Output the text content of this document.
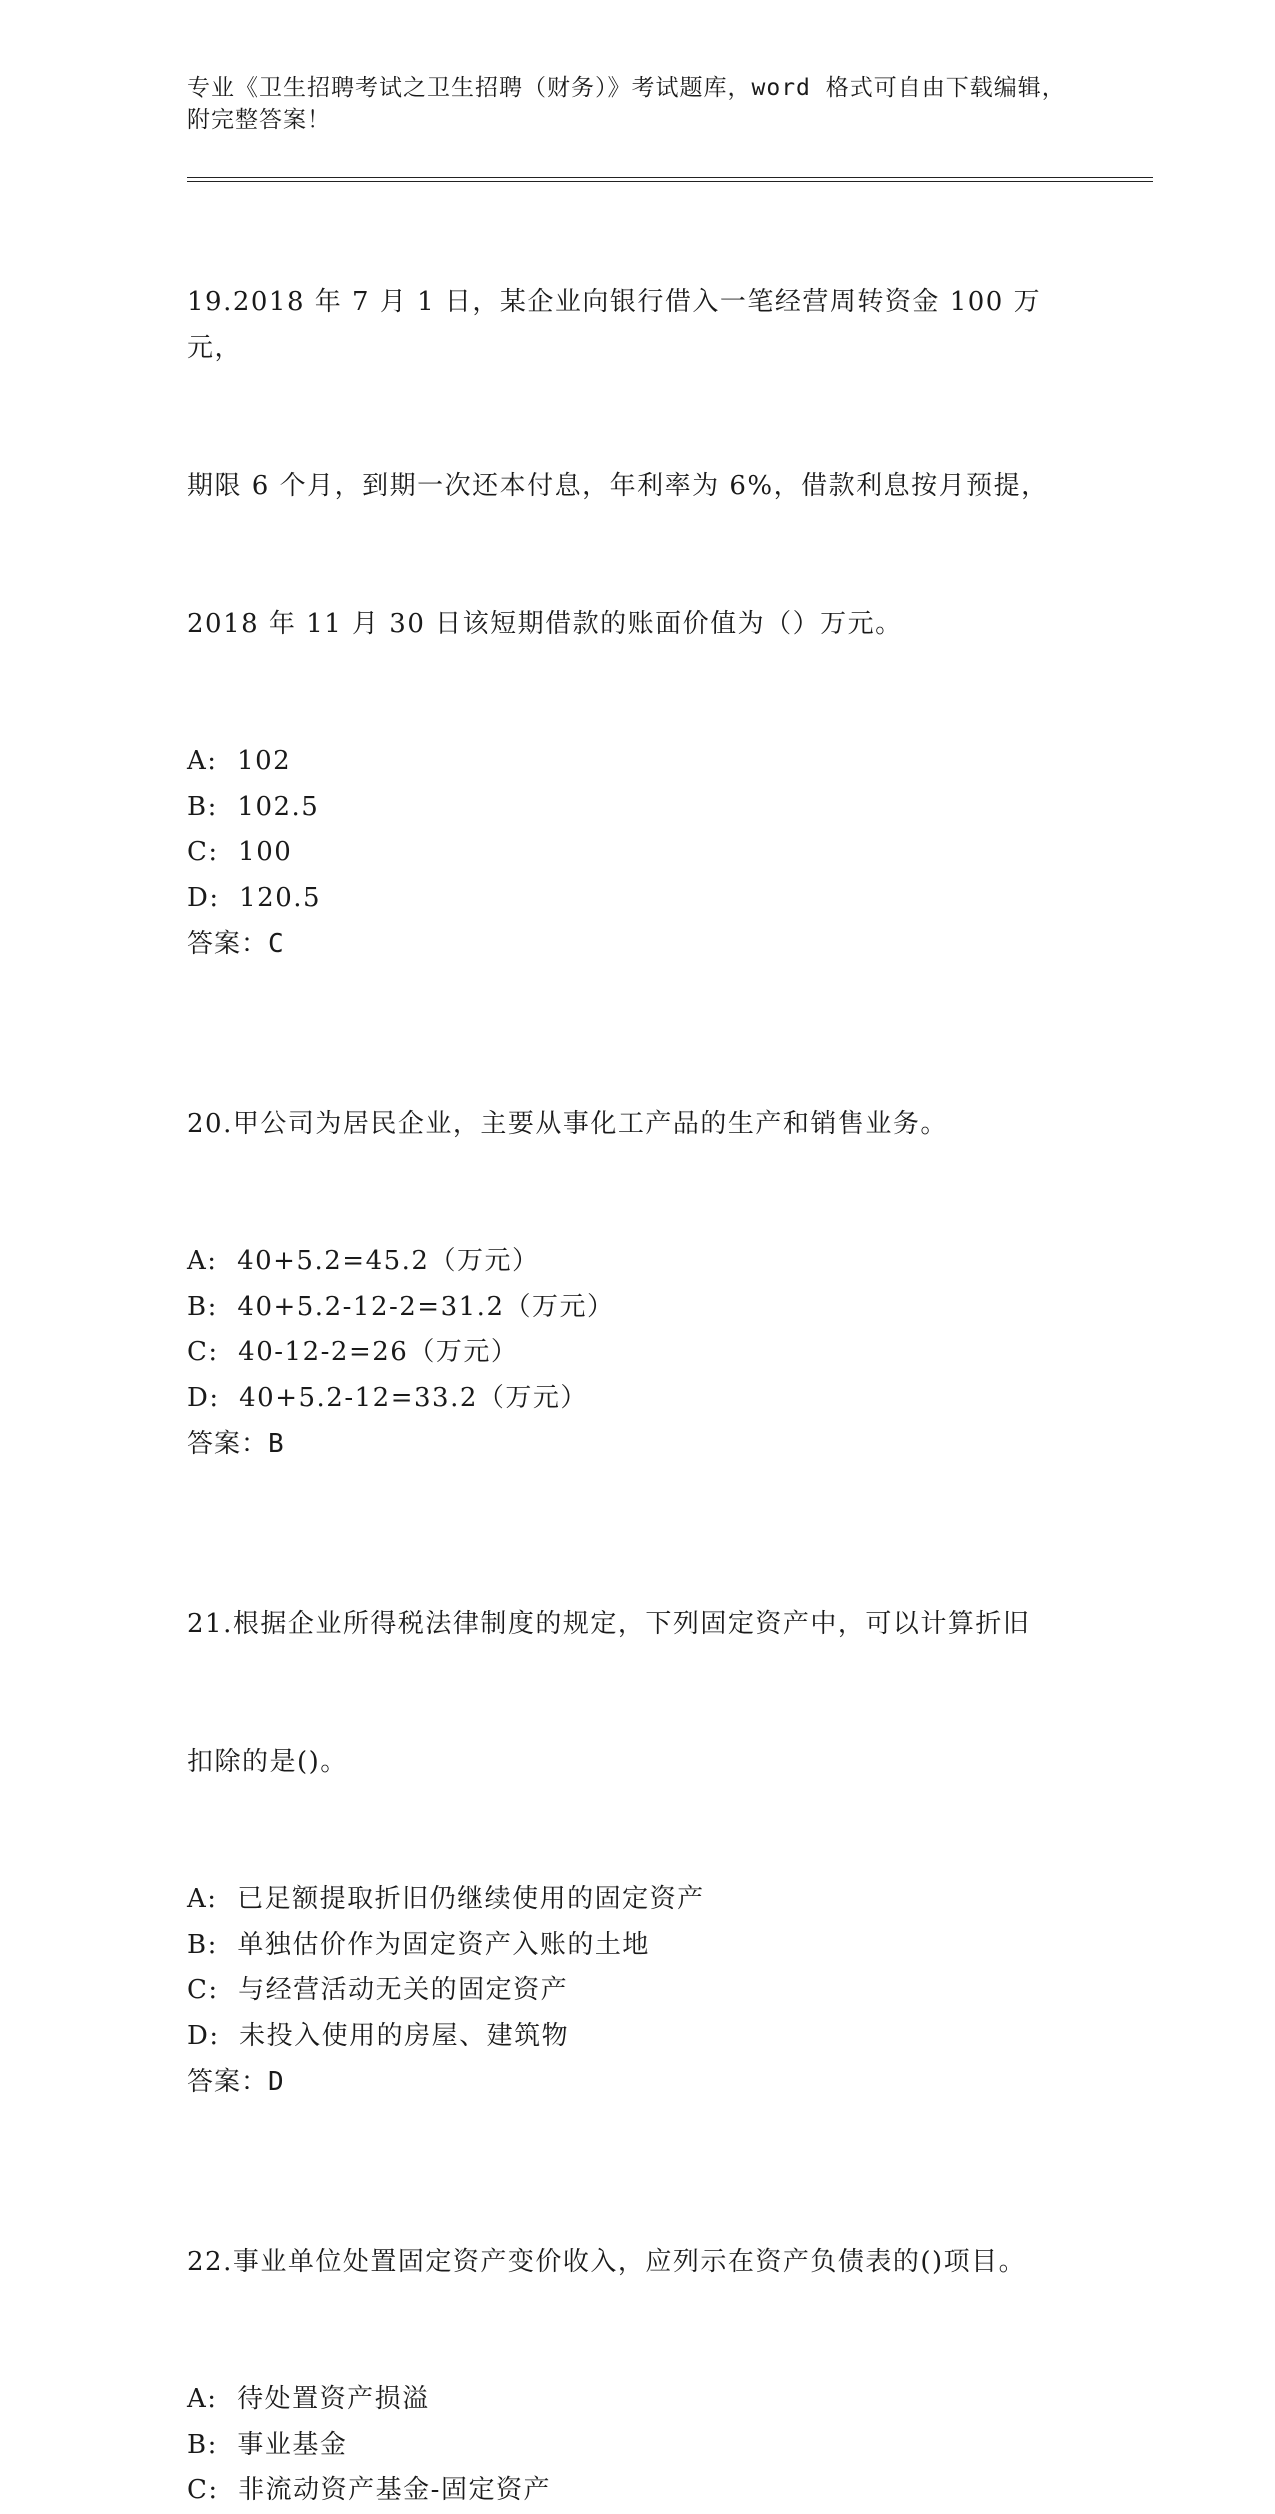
专业《卫生招聘考试之卫生招聘（财务）》考试题库，word 格式可自由下载编辑，附完整答案！

19.2018 年 7 月 1 日，某企业向银行借入一笔经营周转资金 100 万元，

期限 6 个月，到期一次还本付息，年利率为 6%，借款利息按月预提，

2018 年 11 月 30 日该短期借款的账面价值为（）万元。

A:  102
B:  102.5
C:  100
D:  120.5
答案：C

20.甲公司为居民企业，主要从事化工产品的生产和销售业务。

A:  40+5.2=45.2（万元）
B:  40+5.2-12-2=31.2（万元）
C:  40-12-2=26（万元）
D:  40+5.2-12=33.2（万元）
答案：B

21.根据企业所得税法律制度的规定，下列固定资产中，可以计算折旧

扣除的是()。

A:  已足额提取折旧仍继续使用的固定资产
B:  单独估价作为固定资产入账的土地
C:  与经营活动无关的固定资产
D:  未投入使用的房屋、建筑物
答案：D

22.事业单位处置固定资产变价收入，应列示在资产负债表的()项目。

A:  待处置资产损溢
B:  事业基金
C:  非流动资产基金-固定资产
